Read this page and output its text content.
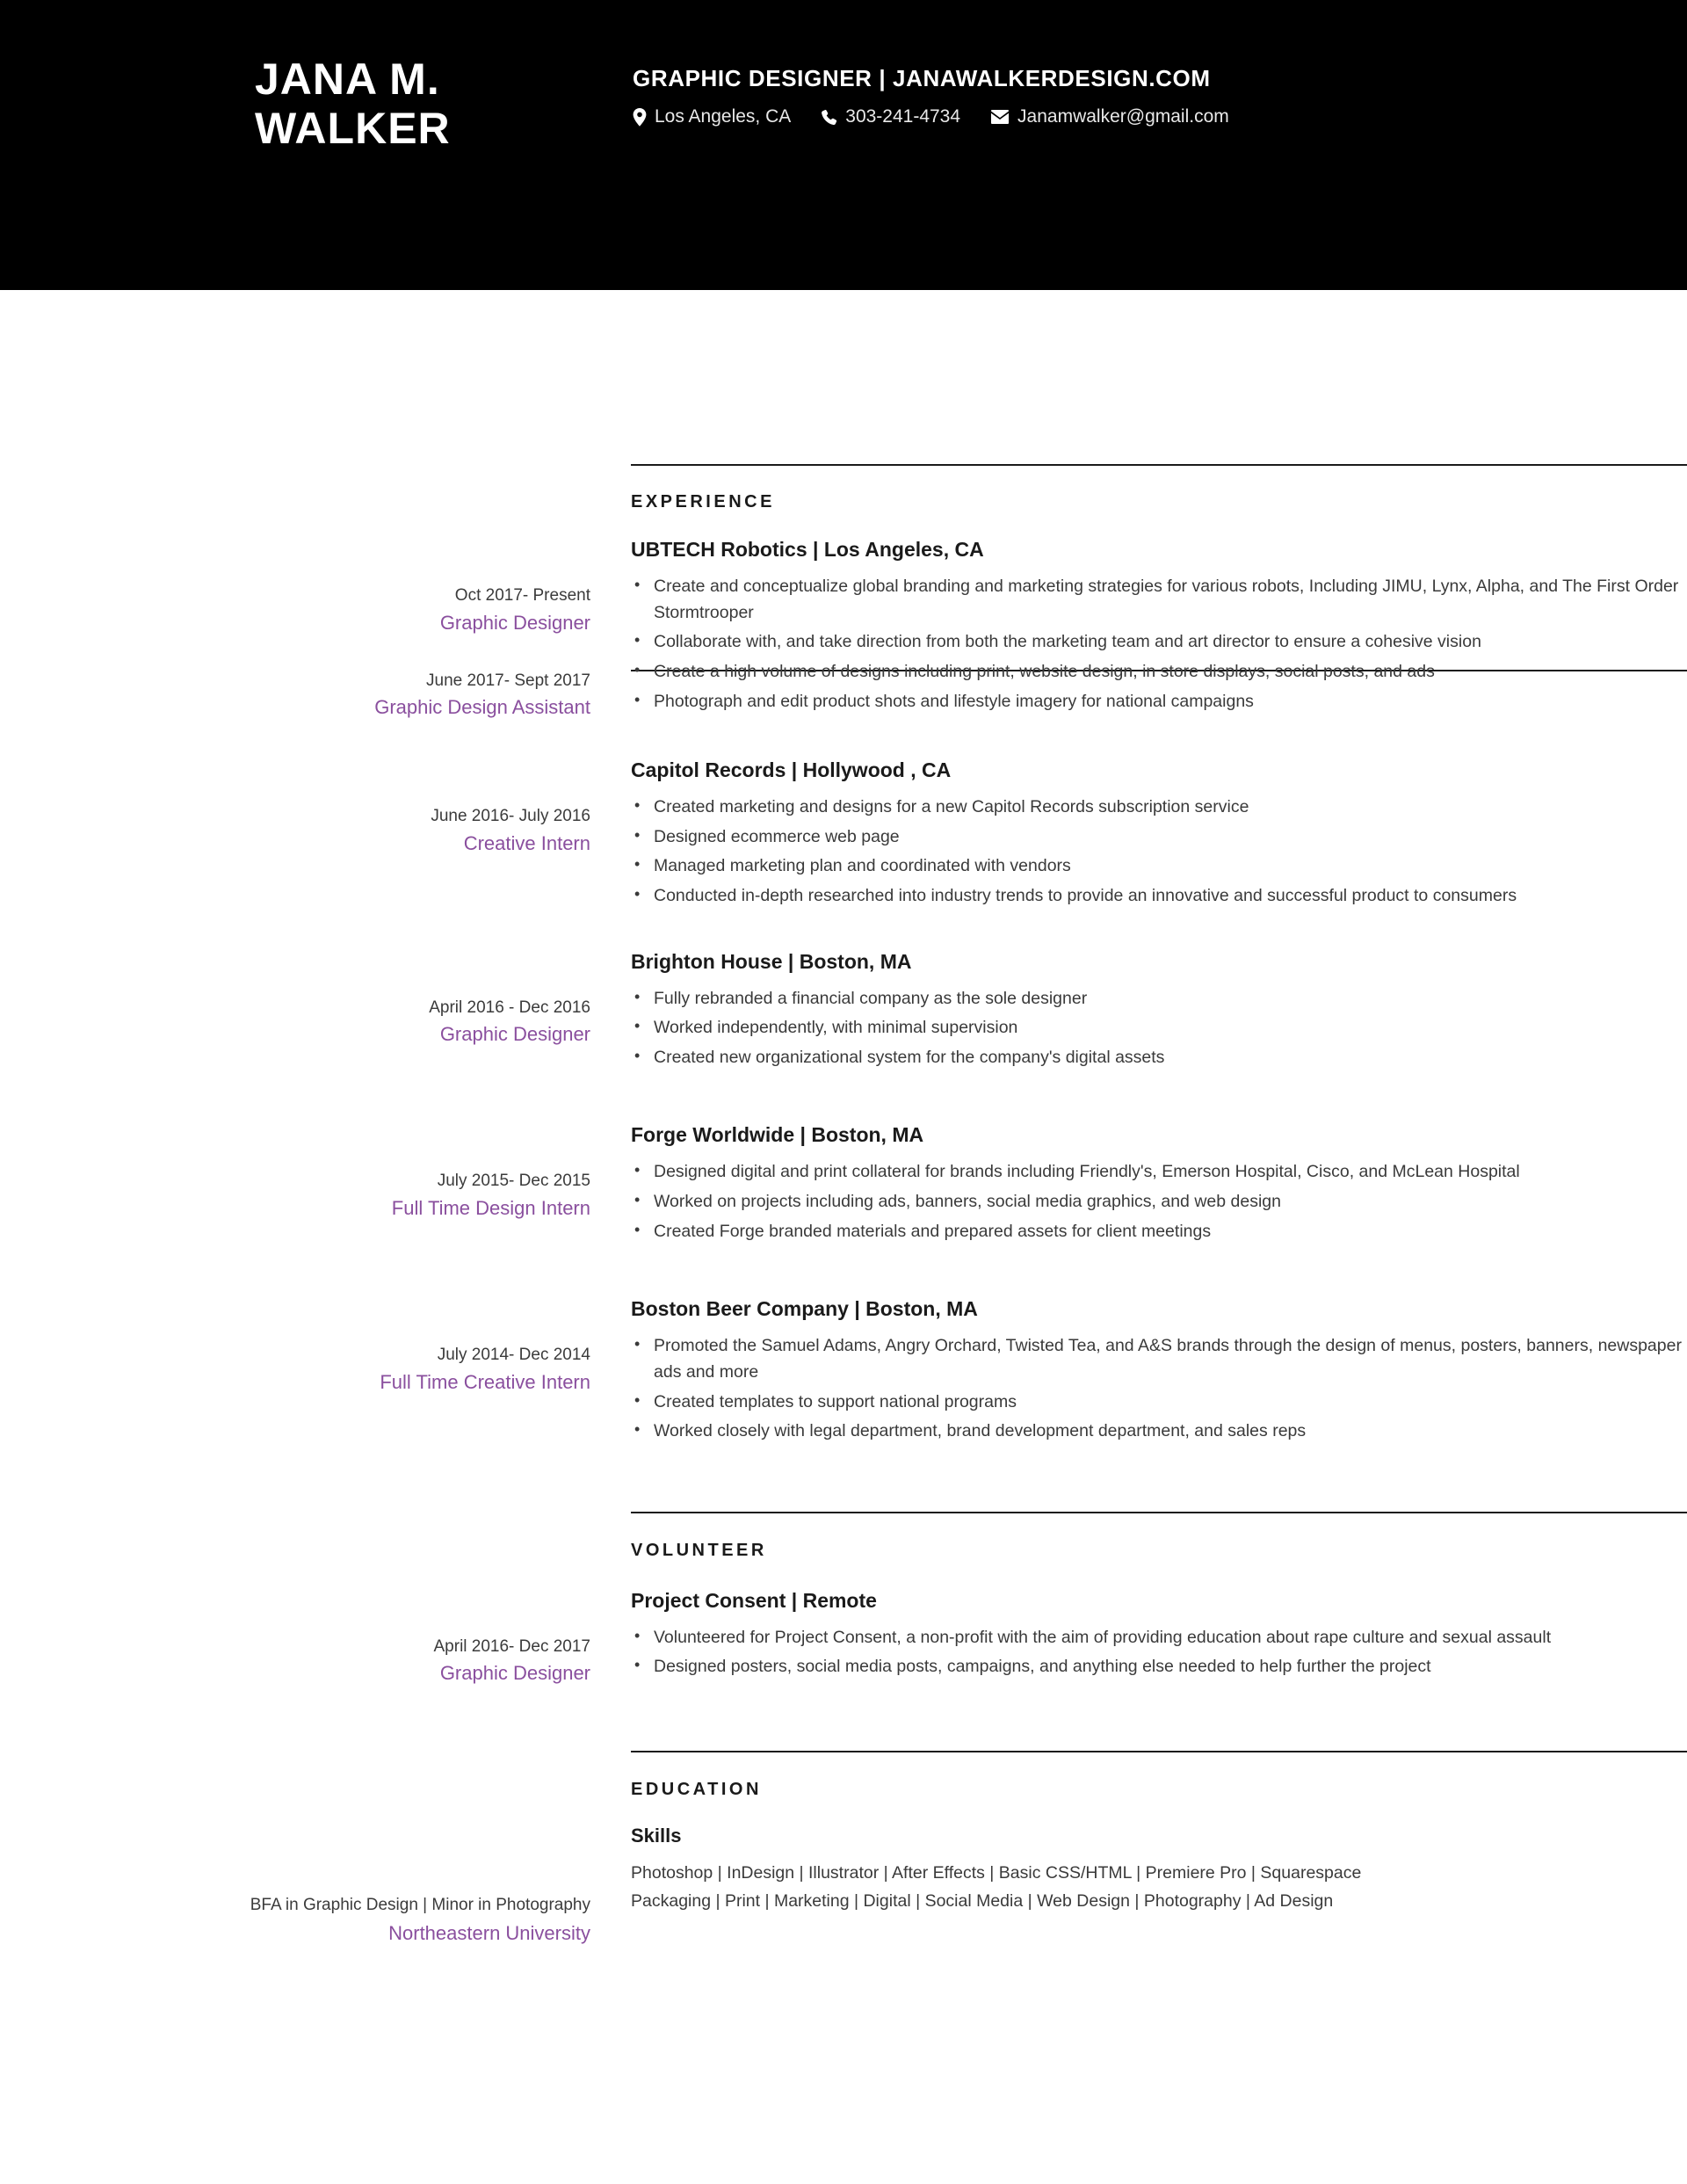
JANA M.
WALKER
GRAPHIC DESIGNER | JANAWALKERDESIGN.COM
Los Angeles, CA	303-241-4734	Janamwalker@gmail.com
EXPERIENCE
Oct 2017- Present
Graphic Designer
June 2017- Sept 2017
Graphic Design Assistant
UBTECH Robotics | Los Angeles, CA
• Create and conceptualize global branding and marketing strategies for various robots, Including JIMU, Lynx, Alpha, and The First Order Stormtrooper
• Collaborate with, and take direction from both the marketing team and art director to ensure a cohesive vision
• Create a high volume of designs including print, website design, in store displays, social posts, and ads
• Photograph and edit product shots and lifestyle imagery for national campaigns
June 2016- July 2016
Creative Intern
Capitol Records | Hollywood , CA
• Created marketing and designs for a new Capitol Records subscription service
• Designed ecommerce web page
• Managed marketing plan and coordinated with vendors
• Conducted in-depth researched into industry trends to provide an innovative and successful product to consumers
April 2016 - Dec 2016
Graphic Designer
Brighton House | Boston, MA
• Fully rebranded a financial company as the sole designer
• Worked independently, with minimal supervision
• Created new organizational system for the company's digital assets
July 2015- Dec 2015
Full Time Design Intern
Forge Worldwide | Boston, MA
• Designed digital and print collateral for brands including Friendly's, Emerson Hospital, Cisco, and McLean Hospital
• Worked on projects including ads, banners, social media graphics, and web design
• Created Forge branded materials and prepared assets for client meetings
July 2014- Dec 2014
Full Time Creative Intern
Boston Beer Company | Boston, MA
• Promoted the Samuel Adams, Angry Orchard, Twisted Tea, and A&S brands through the design of menus, posters, banners, newspaper ads and more
• Created templates to support national programs
• Worked closely with legal department, brand development department, and sales reps
VOLUNTEER
April 2016- Dec 2017
Graphic Designer
Project Consent | Remote
• Volunteered for Project Consent, a non-profit with the aim of providing education about rape culture and sexual assault
• Designed posters, social media posts, campaigns, and anything else needed to help further the project
EDUCATION
BFA in Graphic Design | Minor in Photography
Northeastern University
Skills
Photoshop | InDesign | Illustrator | After Effects | Basic CSS/HTML | Premiere Pro | Squarespace
Packaging | Print | Marketing | Digital | Social Media | Web Design | Photography | Ad Design
